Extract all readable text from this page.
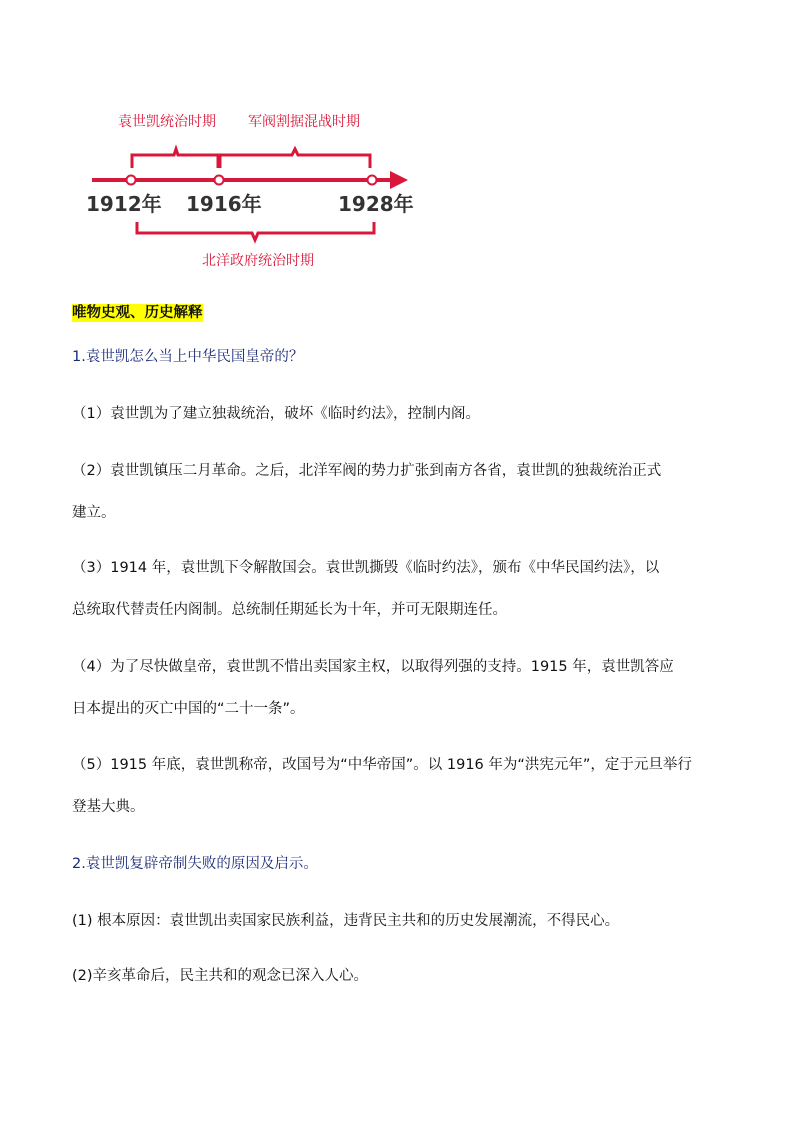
袁世凯统治时期 军阀割据混战时期
1912年 1916年	1928年
北洋政府统治时期

唯物史观、历史解释

1.袁世凯怎么当上中华民国皇帝的？

（1）袁世凯为了建立独裁统治，破坏《临时约法》，控制内阁。

（2）袁世凯镇压二月革命。之后，北洋军阀的势力扩张到南方各省，袁世凯的独裁统治正式

建立。

（3）1914 年，袁世凯下令解散国会。袁世凯撕毁《临时约法》，颁布《中华民国约法》，以

总统取代替责任内阁制。总统制任期延长为十年，并可无限期连任。

（4）为了尽快做皇帝，袁世凯不惜出卖国家主权，以取得列强的支持。1915 年，袁世凯答应

日本提出的灭亡中国的“二十一条”。

（5）1915 年底，袁世凯称帝，改国号为“中华帝国”。以 1916 年为“洪宪元年”，定于元旦举行

登基大典。

2.袁世凯复辟帝制失败的原因及启示。

(1) 根本原因：袁世凯出卖国家民族利益，违背民主共和的历史发展潮流，不得民心。

(2)辛亥革命后，民主共和的观念已深入人心。
